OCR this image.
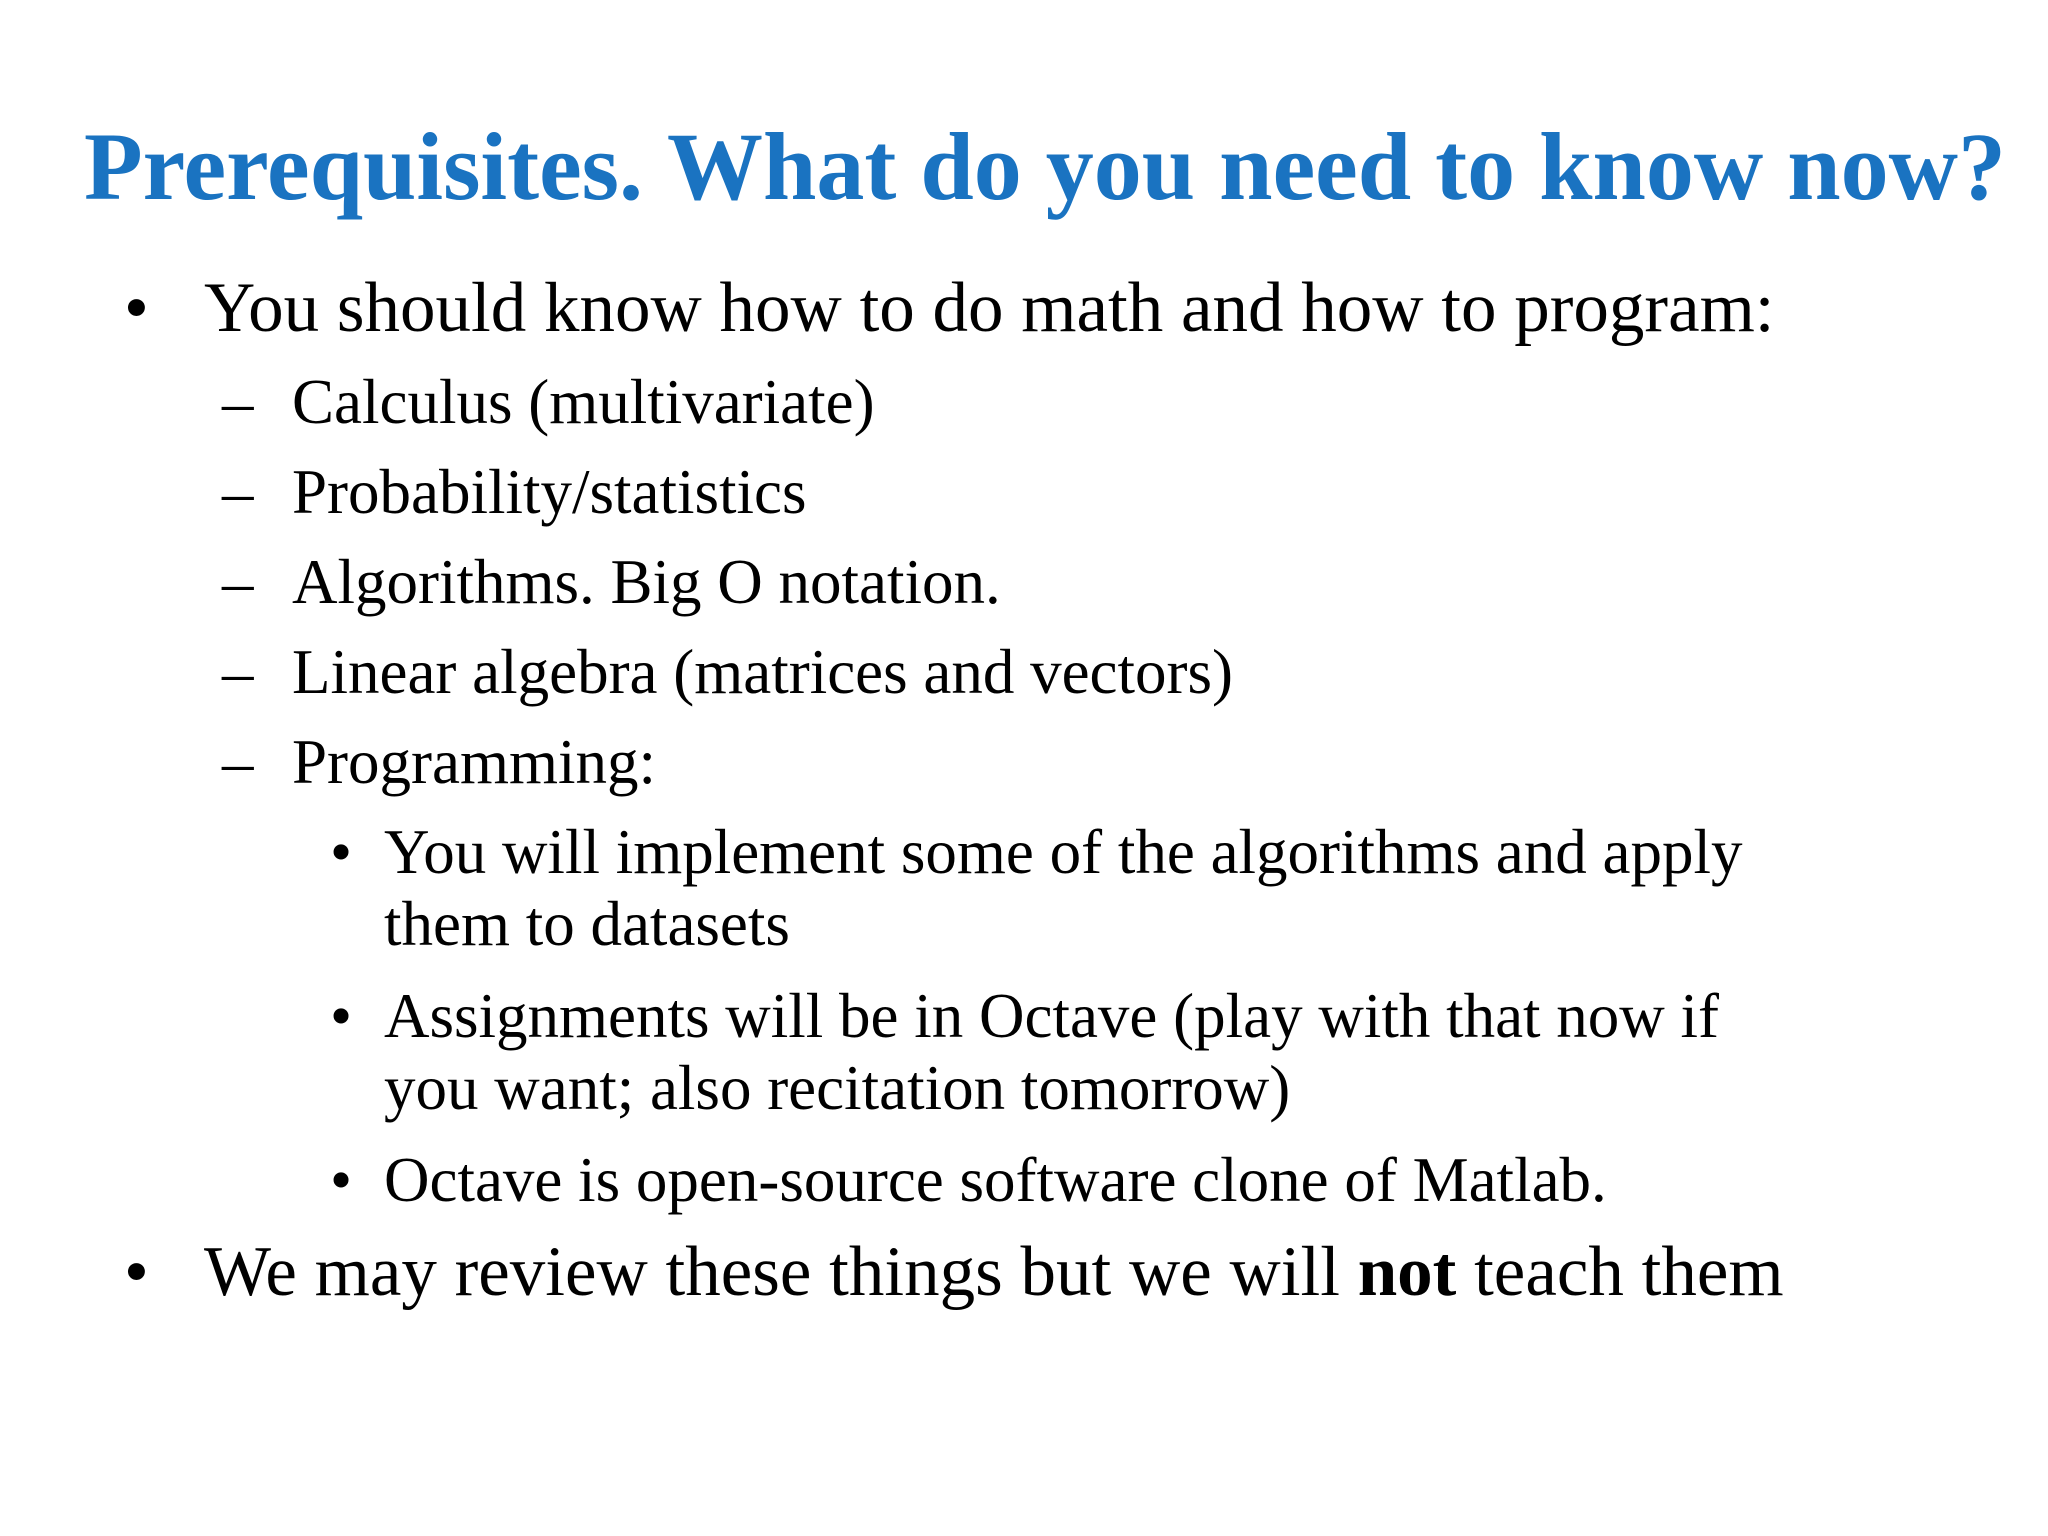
Prerequisites. What do you need to know now?
• You should know how to do math and how to program:
– Calculus (multivariate)
– Probability/statistics
– Algorithms. Big O notation.
– Linear algebra (matrices and vectors)
– Programming:
• You will implement some of the algorithms and apply
them to datasets
• Assignments will be in Octave (play with that now if
you want; also recitation tomorrow)
• Octave is open-source software clone of Matlab.
• We may review these things but we will not teach them
